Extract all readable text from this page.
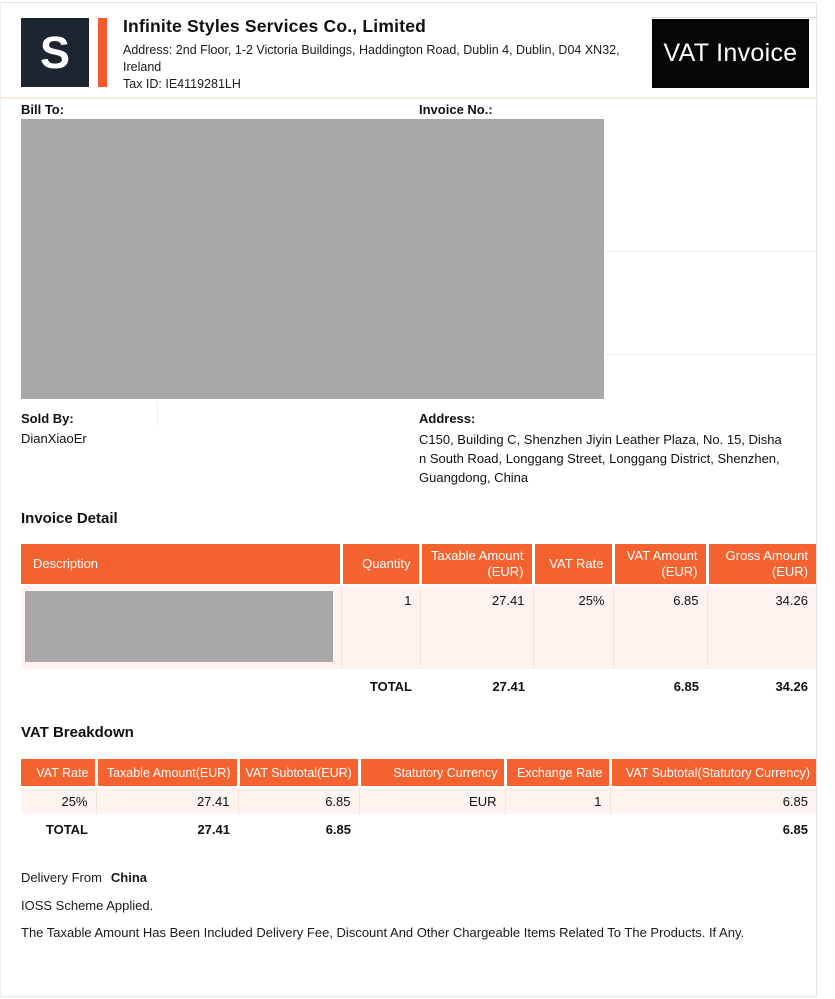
S
Infinite Styles Services Co., Limited
Address: 2nd Floor, 1-2 Victoria Buildings, Haddington Road, Dublin 4, Dublin, D04 XN32,
Ireland
Tax ID: IE4119281LH
VAT Invoice
Bill To:	Invoice No.:
Sold By:
DianXiaoEr
Address:
C150, Building C, Shenzhen Jiyin Leather Plaza, No. 15, Disha
n South Road, Longgang Street, Longgang District, Shenzhen,
Guangdong, China
Invoice Detail
Description	Quantity	Taxable Amount (EUR)	VAT Rate	VAT Amount (EUR)	Gross Amount (EUR)

	1	27.41	25%	6.85	34.26
	TOTAL	27.41		6.85	34.26
VAT Breakdown
VAT Rate	Taxable Amount(EUR)	VAT Subtotal(EUR)	Statutory Currency	Exchange Rate	VAT Subtotal(Statutory Currency)
25%	27.41	6.85	EUR	1	6.85
TOTAL	27.41	6.85			6.85
Delivery From China
IOSS Scheme Applied.
The Taxable Amount Has Been Included Delivery Fee, Discount And Other Chargeable Items Related To The Products. If Any.
